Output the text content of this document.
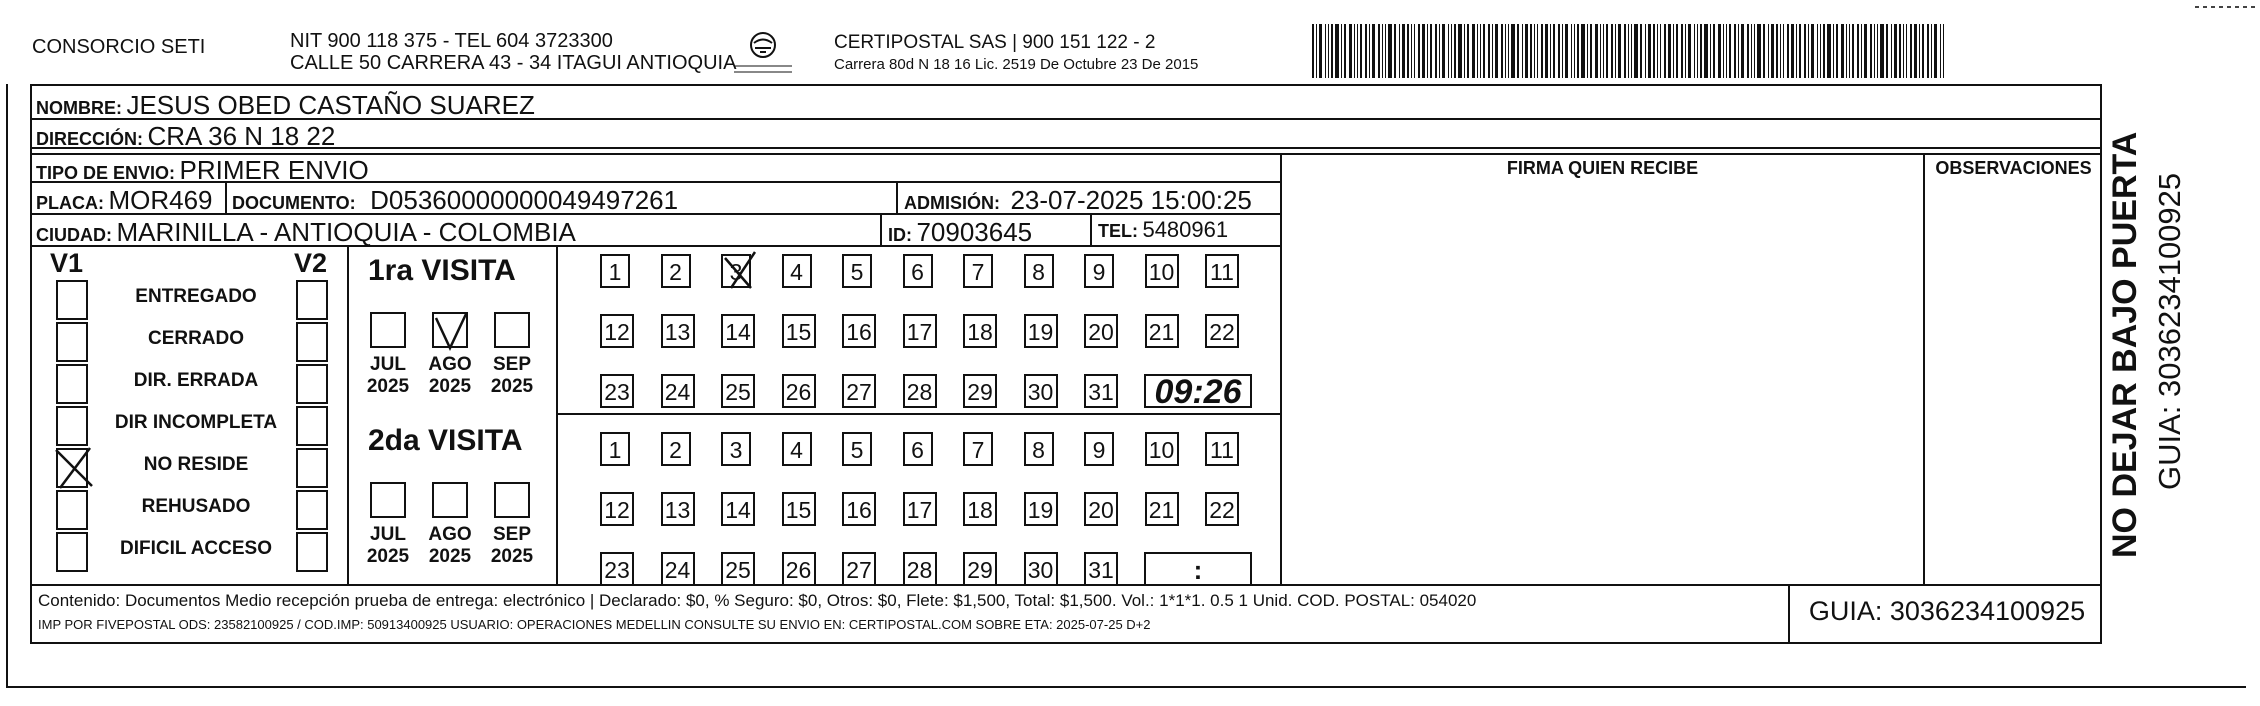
CONSORCIO SETI	NIT 900 118 375 - TEL 604 3723300
CALLE 50 CARRERA 43 - 34 ITAGUI ANTIOQUIA
CERTIPOSTAL SAS | 900 151 122 - 2
Carrera 80d N 18 16 Lic. 2519 De Octubre 23 De 2015
NOMBRE: JESUS OBED CASTAÑO SUAREZ
DIRECCIÓN: CRA 36 N 18 22
TIPO DE ENVIO: PRIMER ENVIO	FIRMA QUIEN RECIBE	OBSERVACIONES
PLACA: MOR469 DOCUMENTO: D05360000000049497261	ADMISIÓN: 23-07-2025 15:00:25
CIUDAD: MARINILLA - ANTIOQUIA - COLOMBIA	ID: 70903645	TEL: 5480961
V1	V2
ENTREGADO
CERRADO
DIR. ERRADA
DIR INCOMPLETA
NO RESIDE
REHUSADO
DIFICIL ACCESO
1ra VISITA
JUL
2025
AGO
2025
SEP
2025
1	2	3	4	5	6	7	8	9	10 11
12 13 14 15 16 17 18 19 20 21 22
23 24 25 26 27 28 29 30 31	09:26
2da VISITA
JUL
2025
AGO
2025
SEP
2025
1	2	3	4	5	6	7	8	9	10 11
12 13 14 15 16 17 18 19 20 21 22
23 24 25 26 27 28 29 30 31	:
Contenido: Documentos Medio recepción prueba de entrega: electrónico | Declarado: $0, % Seguro: $0, Otros: $0, Flete: $1,500, Total: $1,500. Vol.: 1*1*1. 0.5 1 Unid. COD. POSTAL: 054020
IMP POR FIVEPOSTAL ODS: 23582100925 / COD.IMP: 50913400925 USUARIO: OPERACIONES MEDELLIN CONSULTE SU ENVIO EN: CERTIPOSTAL.COM SOBRE ETA: 2025-07-25 D+2	GUIA: 3036234100925
NO DEJAR BAJO PUERTA GUIA: 3036234100925
